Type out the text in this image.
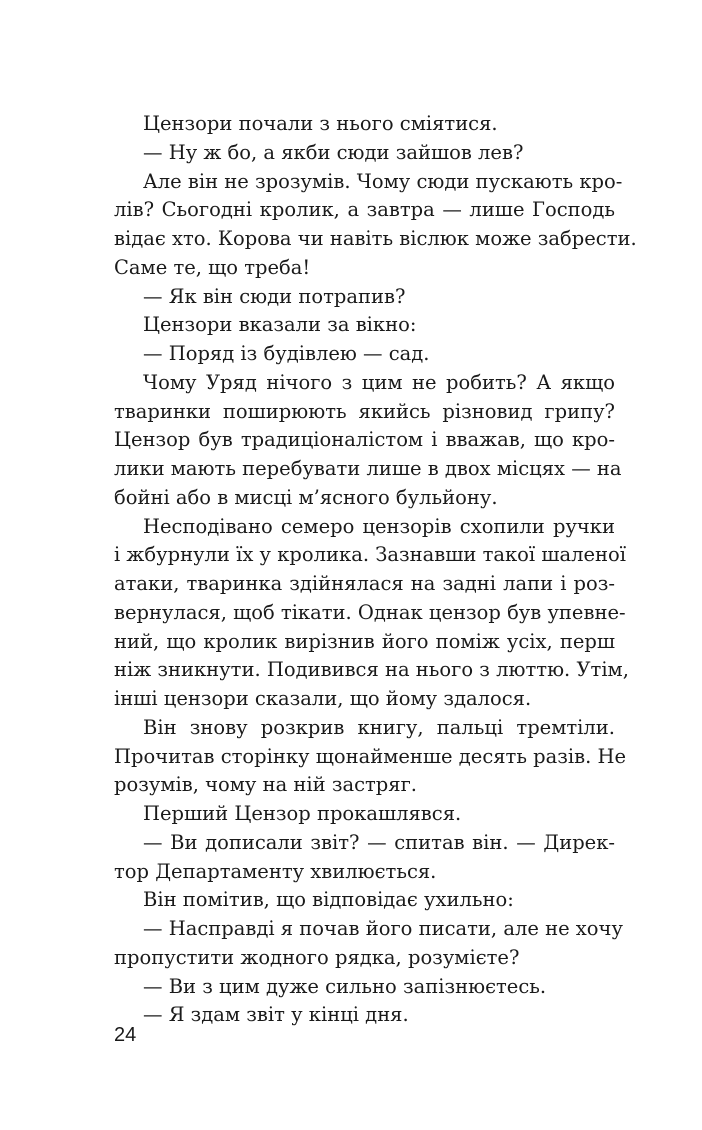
Цензори почали з нього сміятися.
— Ну ж бо, а якби сюди зайшов лев?
Але він не зрозумів. Чому сюди пускають кро-
лів? Сьогодні кролик, а завтра — лише Господь
відає хто. Корова чи навіть віслюк може забрести.
Саме те, що треба!
— Як він сюди потрапив?
Цензори вказали за вікно:
— Поряд із будівлею — сад.
Чому Уряд нічого з цим не робить? А якщо
тваринки поширюють якийсь різновид грипу?
Цензор був традиціоналістом і вважав, що кро-
лики мають перебувати лише в двох місцях — на
бойні або в мисці м’ясного бульйону.
Несподівано семеро цензорів схопили ручки
і жбурнули їх у кролика. Зазнавши такої шаленої
атаки, тваринка здійнялася на задні лапи і роз-
вернулася, щоб тікати. Однак цензор був упевне-
ний, що кролик вирізнив його поміж усіх, перш
ніж зникнути. Подивився на нього з люттю. Утім,
інші цензори сказали, що йому здалося.
Він знову розкрив книгу, пальці тремтіли.
Прочитав сторінку щонайменше десять разів. Не
розумів, чому на ній застряг.
Перший Цензор прокашлявся.
— Ви дописали звіт? — спитав він. — Дирек-
тор Департаменту хвилюється.
Він помітив, що відповідає ухильно:
— Насправді я почав його писати, але не хочу
пропустити жодного рядка, розумієте?
— Ви з цим дуже сильно запізнюєтесь.
— Я здам звіт у кінці дня.
24
